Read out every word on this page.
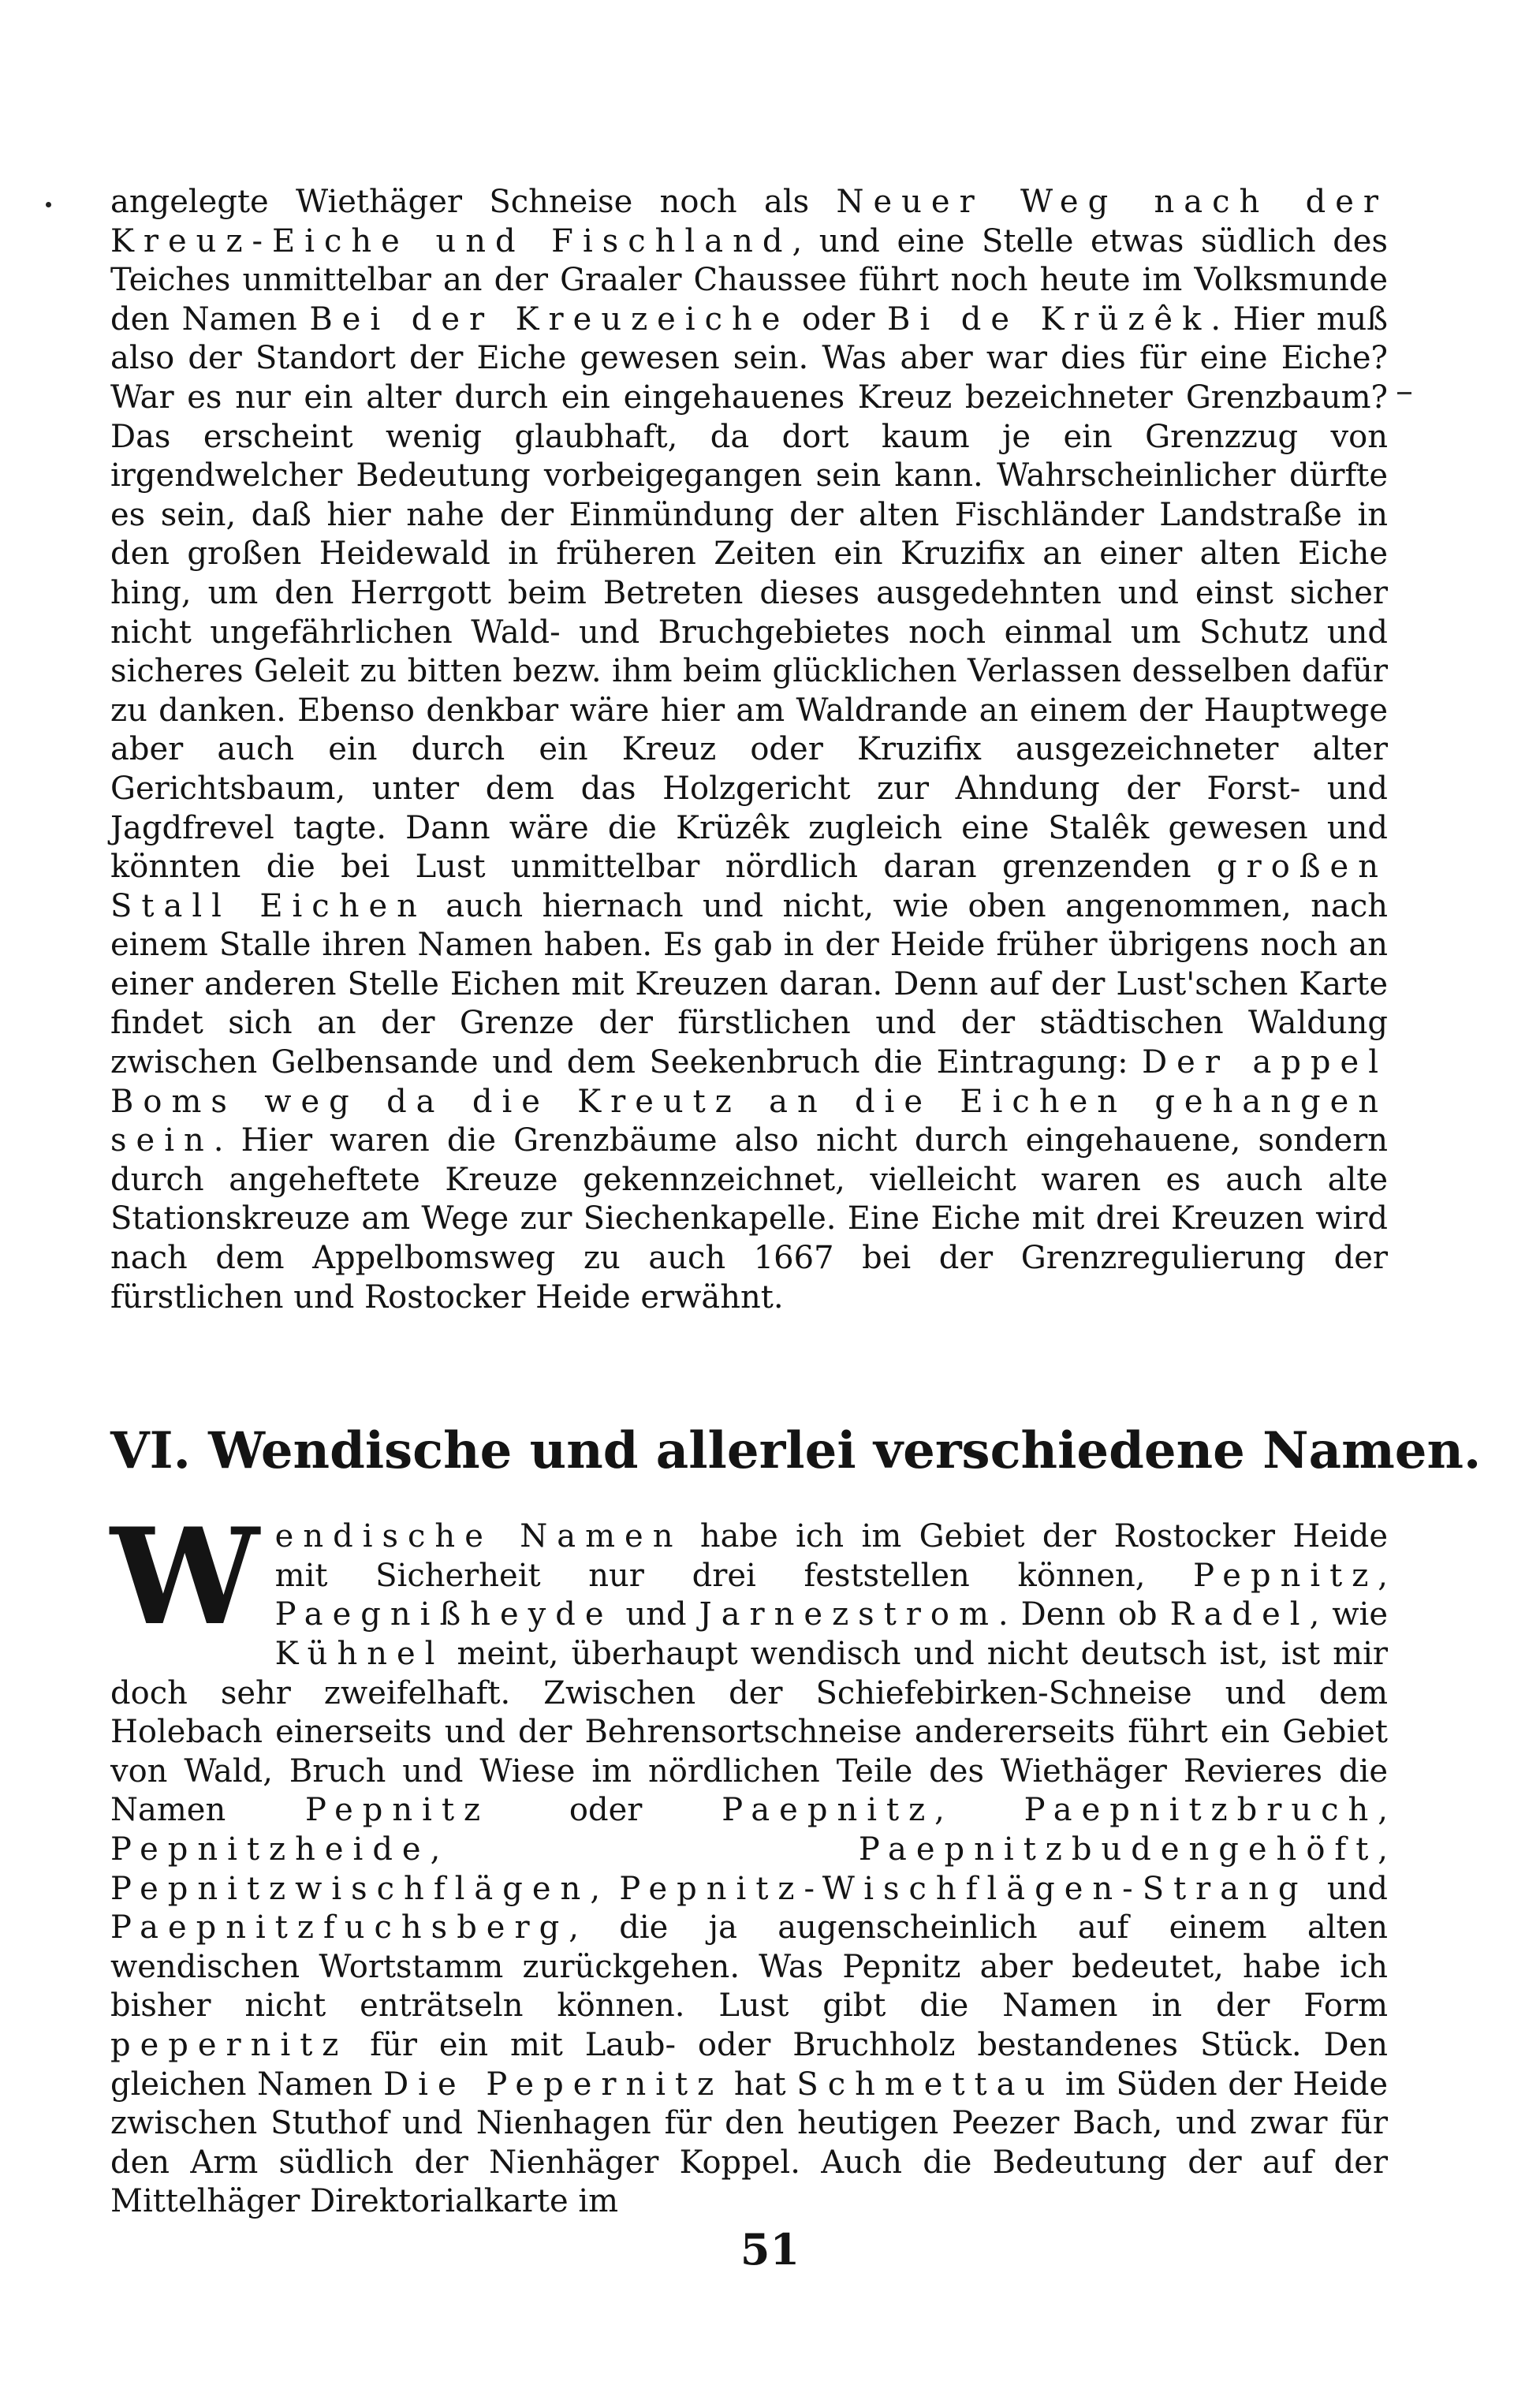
angelegte Wiethäger Schneise noch als Neuer Weg nach der Kreuz-Eiche und Fischland, und eine Stelle etwas südlich des Teiches unmittelbar an der Graaler Chaussee führt noch heute im Volksmunde den Namen Bei der Kreuzeiche oder Bi de Krüzêk. Hier muß also der Standort der Eiche gewesen sein. Was aber war dies für eine Eiche? War es nur ein alter durch ein eingehauenes Kreuz bezeichneter Grenzbaum? Das erscheint wenig glaubhaft, da dort kaum je ein Grenzzug von irgendwelcher Bedeutung vorbeigegangen sein kann. Wahrscheinlicher dürfte es sein, daß hier nahe der Einmündung der alten Fischländer Landstraße in den großen Heidewald in früheren Zeiten ein Kruzifix an einer alten Eiche hing, um den Herrgott beim Betreten dieses ausgedehnten und einst sicher nicht ungefährlichen Wald- und Bruchgebietes noch einmal um Schutz und sicheres Geleit zu bitten bezw. ihm beim glücklichen Verlassen desselben dafür zu danken. Ebenso denkbar wäre hier am Waldrande an einem der Hauptwege aber auch ein durch ein Kreuz oder Kruzifix ausgezeichneter alter Gerichtsbaum, unter dem das Holzgericht zur Ahndung der Forst- und Jagdfrevel tagte. Dann wäre die Krüzêk zugleich eine Stalêk gewesen und könnten die bei Lust unmittelbar nördlich daran grenzenden großen Stall Eichen auch hiernach und nicht, wie oben angenommen, nach einem Stalle ihren Namen haben. Es gab in der Heide früher übrigens noch an einer anderen Stelle Eichen mit Kreuzen daran. Denn auf der Lust'schen Karte findet sich an der Grenze der fürstlichen und der städtischen Waldung zwischen Gelbensande und dem Seekenbruch die Eintragung: Der appel Boms weg da die Kreutz an die Eichen gehangen sein. Hier waren die Grenzbäume also nicht durch eingehauene, sondern durch angeheftete Kreuze gekennzeichnet, vielleicht waren es auch alte Stationskreuze am Wege zur Siechenkapelle. Eine Eiche mit drei Kreuzen wird nach dem Appelbomsweg zu auch 1667 bei der Grenzregulierung der fürstlichen und Rostocker Heide erwähnt.

VI. Wendische und allerlei verschiedene Namen.

Wendische Namen habe ich im Gebiet der Rostocker Heide mit Sicherheit nur drei feststellen können, Pepnitz, Paegnißheyde und Jarnezstrom. Denn ob Radel, wie Kühnel meint, überhaupt wendisch und nicht deutsch ist, ist mir doch sehr zweifelhaft. Zwischen der Schiefebirken-Schneise und dem Holebach einerseits und der Behrensortschneise andererseits führt ein Gebiet von Wald, Bruch und Wiese im nördlichen Teile des Wiethäger Revieres die Namen Pepnitz oder Paepnitz, Paepnitzbruch, Pepnitzheide, Paepnitzbudengehöft, Pepnitzwischflägen, Pepnitz-Wischflägen-Strang und Paepnitzfuchsberg, die ja augenscheinlich auf einem alten wendischen Wortstamm zurückgehen. Was Pepnitz aber bedeutet, habe ich bisher nicht enträtseln können. Lust gibt die Namen in der Form pepernitz für ein mit Laub- oder Bruchholz bestandenes Stück. Den gleichen Namen Die Pepernitz hat Schmettau im Süden der Heide zwischen Stuthof und Nienhagen für den heutigen Peezer Bach, und zwar für den Arm südlich der Nienhäger Koppel. Auch die Bedeutung der auf der Mittelhäger Direktorialkarte im

51
